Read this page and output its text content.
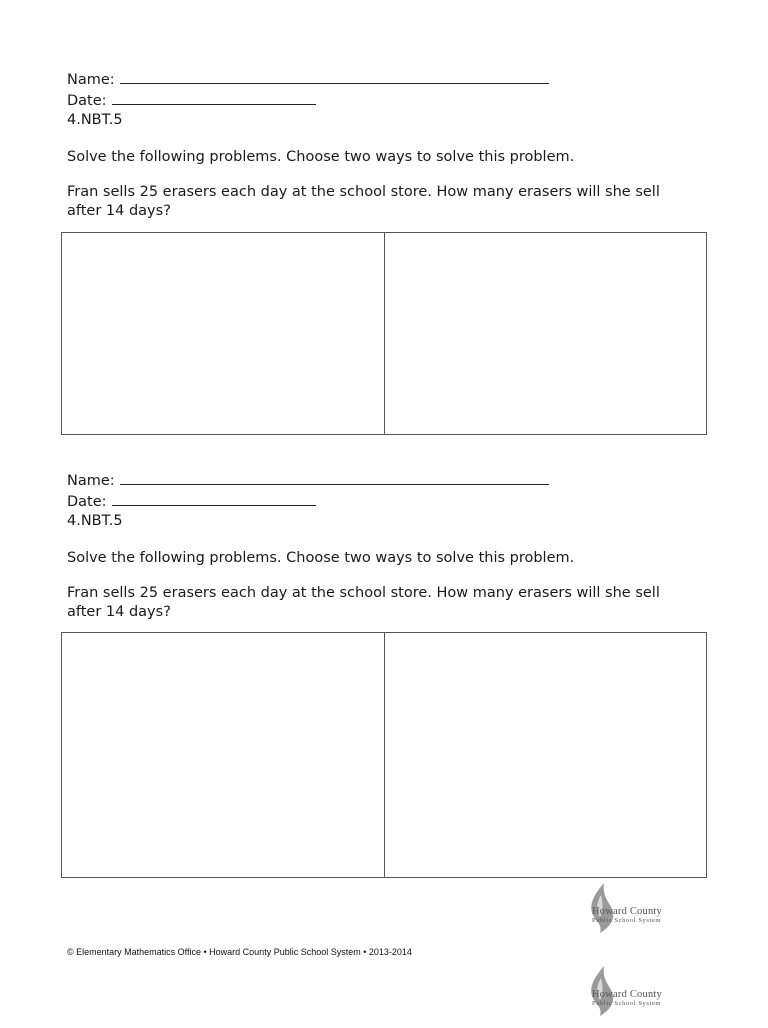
Name:
Date:
4.NBT.5
Solve the following problems. Choose two ways to solve this problem.
Fran sells 25 erasers each day at the school store. How many erasers will she sell
after 14 days?
Name:
Date:
4.NBT.5
Solve the following problems. Choose two ways to solve this problem.
Fran sells 25 erasers each day at the school store. How many erasers will she sell
after 14 days?
Howard County
Public School System
© Elementary Mathematics Office • Howard County Public School System • 2013-2014
Howard County
Public School System
